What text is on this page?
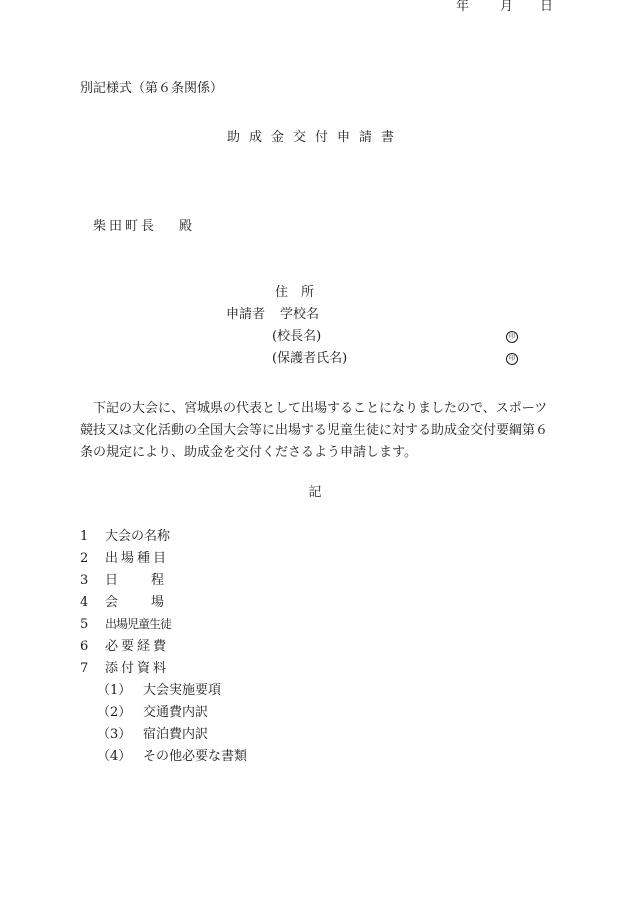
別記様式（第６条関係）
助成金交付申請書
年 月 日
柴田町長 殿
住　所
申請者 学校名
(校長名)	印
(保護者氏名)	印
下記の大会に、宮城県の代表として出場することになりましたので、スポーツ競技又は文化活動の全国大会等に出場する児童生徒に対する助成金交付要綱第６条の規定により、助成金を交付くださるよう申請します。
記
1 大会の名称
2 出場種目
3 日程
4 会場
5 出場児童生徒
6 必要経費
7 添付資料
（1） 大会実施要項
（2） 交通費内訳
（3） 宿泊費内訳
（4） その他必要な書類
